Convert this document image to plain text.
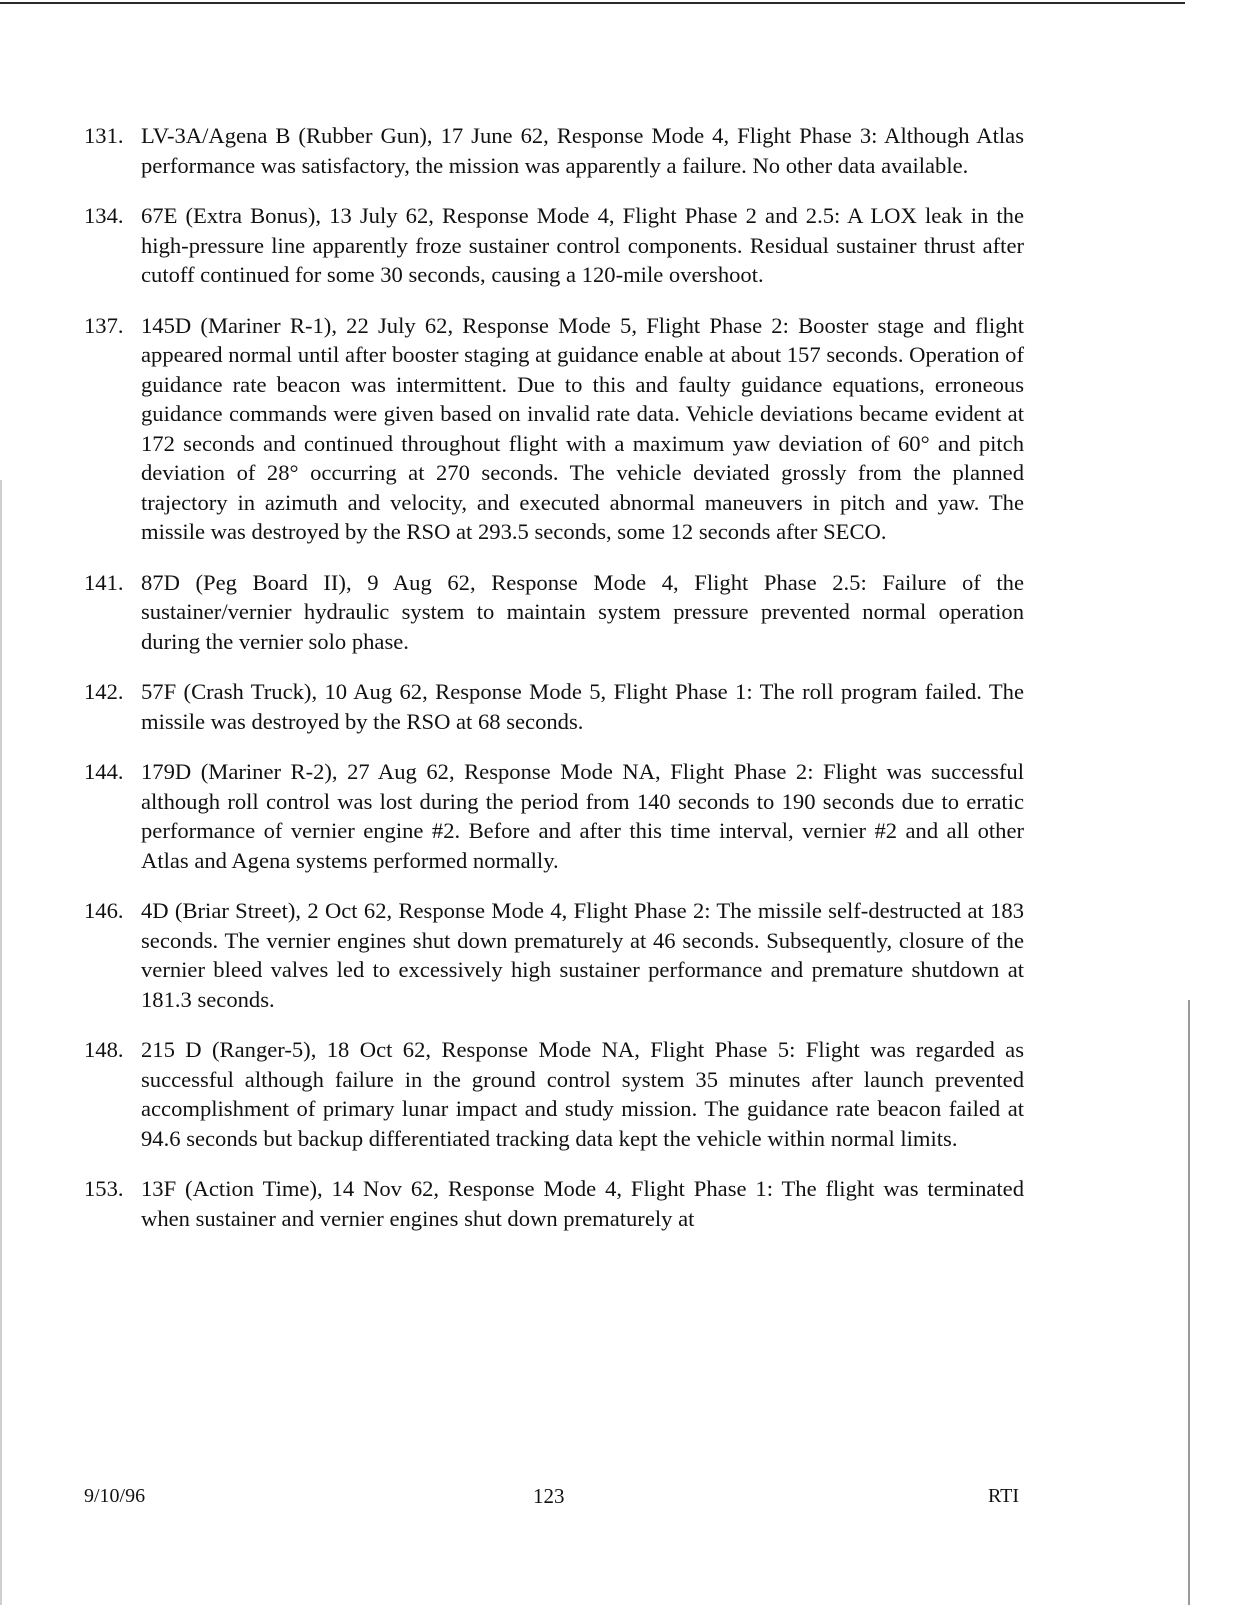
131. LV-3A/Agena B (Rubber Gun), 17 June 62, Response Mode 4, Flight Phase 3: Although Atlas performance was satisfactory, the mission was apparently a failure. No other data available.
134. 67E (Extra Bonus), 13 July 62, Response Mode 4, Flight Phase 2 and 2.5: A LOX leak in the high-pressure line apparently froze sustainer control components. Residual sustainer thrust after cutoff continued for some 30 seconds, causing a 120-mile overshoot.
137. 145D (Mariner R-1), 22 July 62, Response Mode 5, Flight Phase 2: Booster stage and flight appeared normal until after booster staging at guidance enable at about 157 seconds. Operation of guidance rate beacon was intermittent. Due to this and faulty guidance equations, erroneous guidance commands were given based on invalid rate data. Vehicle deviations became evident at 172 seconds and continued throughout flight with a maximum yaw deviation of 60° and pitch deviation of 28° occurring at 270 seconds. The vehicle deviated grossly from the planned trajectory in azimuth and velocity, and executed abnormal maneuvers in pitch and yaw. The missile was destroyed by the RSO at 293.5 seconds, some 12 seconds after SECO.
141. 87D (Peg Board II), 9 Aug 62, Response Mode 4, Flight Phase 2.5: Failure of the sustainer/vernier hydraulic system to maintain system pressure prevented normal operation during the vernier solo phase.
142. 57F (Crash Truck), 10 Aug 62, Response Mode 5, Flight Phase 1: The roll program failed. The missile was destroyed by the RSO at 68 seconds.
144. 179D (Mariner R-2), 27 Aug 62, Response Mode NA, Flight Phase 2: Flight was successful although roll control was lost during the period from 140 seconds to 190 seconds due to erratic performance of vernier engine #2. Before and after this time interval, vernier #2 and all other Atlas and Agena systems performed normally.
146. 4D (Briar Street), 2 Oct 62, Response Mode 4, Flight Phase 2: The missile self-destructed at 183 seconds. The vernier engines shut down prematurely at 46 seconds. Subsequently, closure of the vernier bleed valves led to excessively high sustainer performance and premature shutdown at 181.3 seconds.
148. 215 D (Ranger-5), 18 Oct 62, Response Mode NA, Flight Phase 5: Flight was regarded as successful although failure in the ground control system 35 minutes after launch prevented accomplishment of primary lunar impact and study mission. The guidance rate beacon failed at 94.6 seconds but backup differentiated tracking data kept the vehicle within normal limits.
153. 13F (Action Time), 14 Nov 62, Response Mode 4, Flight Phase 1: The flight was terminated when sustainer and vernier engines shut down prematurely at
9/10/96	123	RTI
